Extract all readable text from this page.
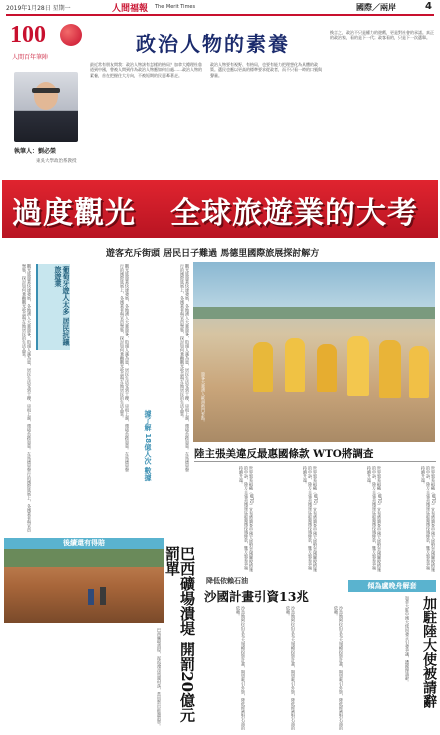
2019年1月28日 星期一	人間福報 The Merit Times	國際／兩岸	4
100
人間百年筆陣
政治人物的素養
執筆人：劉必榮
東吳大學政治系教授
最近常有朋友問我：政治人物該有怎樣的格局？加拿大總理杜魯道到中國，曾被人問到作為政治人物應如何自處……政治人物的素養，首在把握住大方向，不被短期的民意牽著走。
政治人物要有視野、有格局，也要有能力把理想化為具體的政策。選民也應以更高的標準要求從政者，而不只看一時的口號與聲量。
換言之，政治不只是權力的遊戲，更是對社會的承諾。真正的政治家，看的是下一代；政客看的，只是下一次選舉。
過度觀光 全球旅遊業的大考
遊客充斥街頭 居民日子難過 馬德里國際旅展探討解方
觀光旅遊業快速發展，各地湧入大量遊客，街頭人滿為患，居民生活受到干擾，房租上漲，環境負擔加重。在馬德里舉行的國際旅展上，各國業者與官員聚集，探討如何兼顧觀光收益與在地居民的生活品質。	葡萄牙遊人太多 居民抗議 旅遊業	觀光旅遊業快速發展，各地湧入大量遊客，街頭人滿為患，居民生活受到干擾，房租上漲，環境負擔加重。在馬德里舉行的國際旅展上，各國業者與官員聚集，探討如何兼顧觀光收益與在地居民的生活品質。	觀光旅遊業快速發展，各地湧入大量遊客，街頭人滿為患，居民生活受到干擾，房租上漲，環境負擔加重。在馬德里舉行的國際旅展上，各國業者與官員聚集，探討如何兼顧觀光收益與在地居民的生活品質。	遊客大量湧入歐洲熱門景點。
陸主張美違反最惠國條款 WTO將調查
世界貿易組織（WTO）宣布將調查中國大陸對美國關稅措施的申訴，陸方主張美國違反最惠國待遇條款，雙方貿易爭端持續升溫。	世界貿易組織（WTO）宣布將調查中國大陸對美國關稅措施的申訴，陸方主張美國違反最惠國待遇條款，雙方貿易爭端持續升溫。	世界貿易組織（WTO）宣布將調查中國大陸對美國關稅措施的申訴，陸方主張美國違反最惠國待遇條款，雙方貿易爭端持續升溫。	世界貿易組織（WTO）宣布將調查中國大陸對美國關稅措施的申訴，陸方主張美國違反最惠國待遇條款，雙方貿易爭端持續升溫。
據了解 18億人次 數據
後續還有得賠
巴西礦場潰堤，泥流淹沒周邊村落，當局祭出鉅額罰單。	巴西礦場潰堤 開罰20億元罰單
降低依賴石油
沙國計畫引資13兆
沙烏地阿拉伯宣布大規模投資計畫，期望吸引外資，降低經濟對石油的依賴。	沙烏地阿拉伯宣布大規模投資計畫，期望吸引外資，降低經濟對石油的依賴。	沙烏地阿拉伯宣布大規模投資計畫，期望吸引外資，降低經濟對石油的依賴。
傾為盧晚舟解套
加拿大駐中國大使因發言引發爭議，遭總理請辭。 加駐陸大使被請辭
